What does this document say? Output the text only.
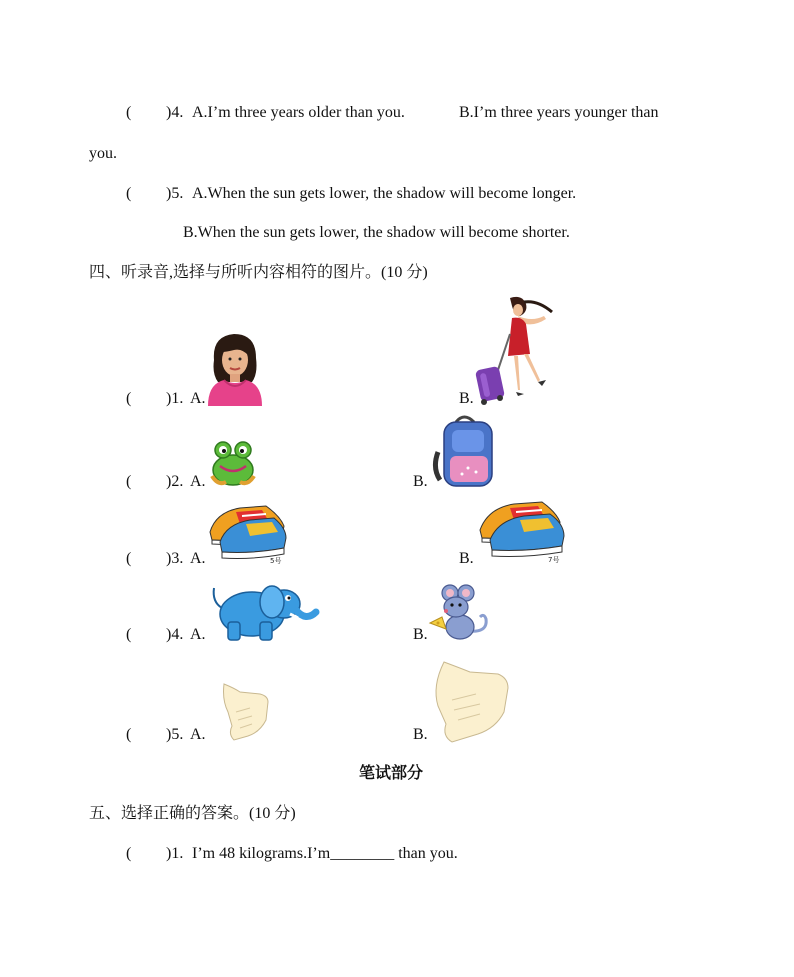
( )4. A.I’m three years older than you.	B.I’m three years younger than
you.
( )5. A.When the sun gets lower, the shadow will become longer.
B.When the sun gets lower, the shadow will become shorter.
四、听录音,选择与所听内容相符的图片。(10 分)
( )1. A.	B.
( )2. A.	B.
( )3. A.	B.
5号	7号
( )4. A.	B.
( )5. A.	B.
笔试部分
五、选择正确的答案。(10 分)
( )1. I’m 48 kilograms.I’m________ than you.
